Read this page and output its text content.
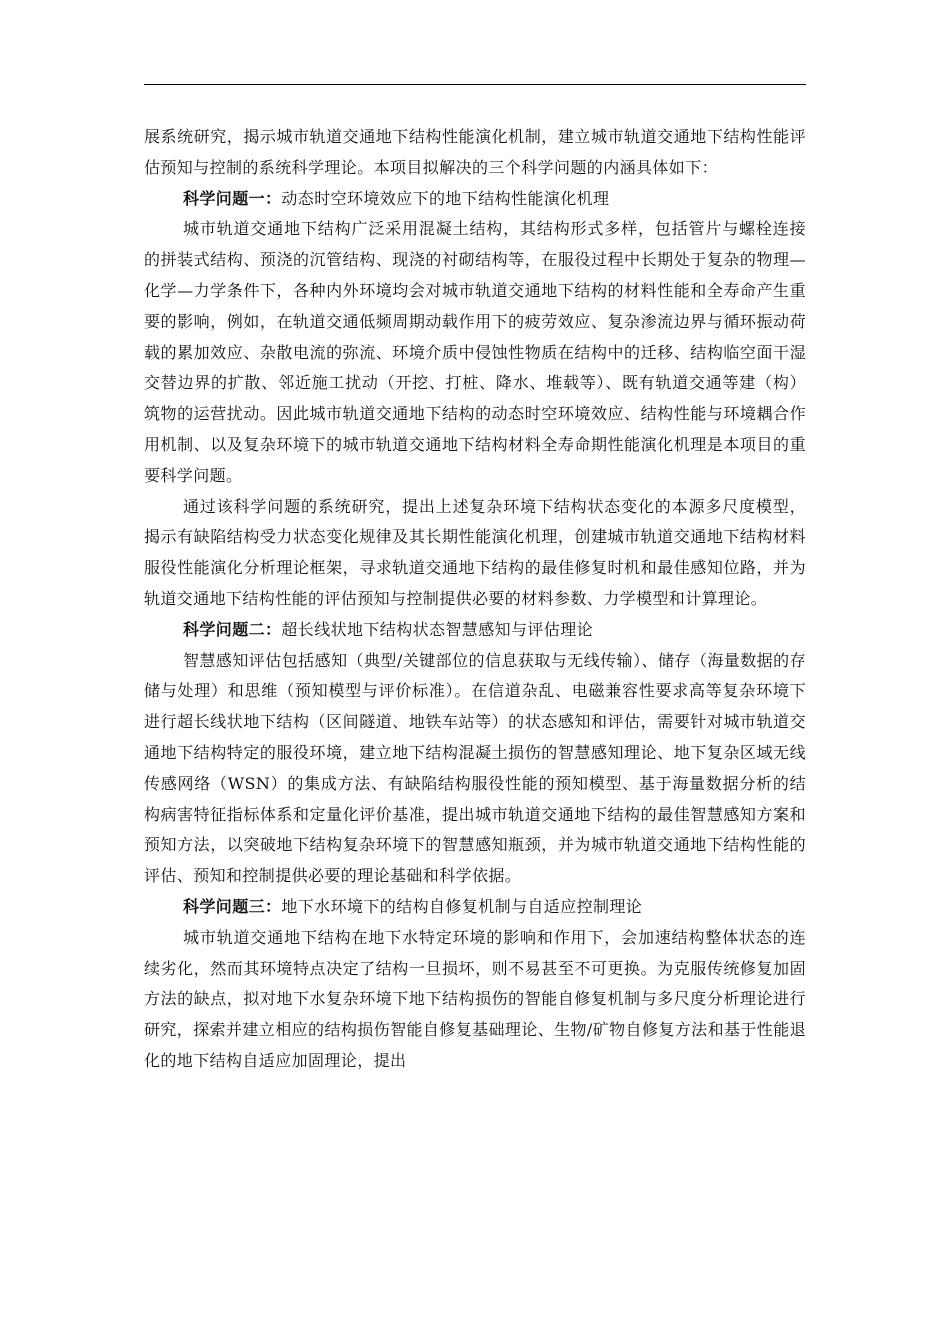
展系统研究，揭示城市轨道交通地下结构性能演化机制，建立城市轨道交通地下结构性能评估预知与控制的系统科学理论。本项目拟解决的三个科学问题的内涵具体如下：

科学问题一：动态时空环境效应下的地下结构性能演化机理

城市轨道交通地下结构广泛采用混凝土结构，其结构形式多样，包括管片与螺栓连接的拼装式结构、预浇的沉管结构、现浇的衬砌结构等，在服役过程中长期处于复杂的物理—化学—力学条件下，各种内外环境均会对城市轨道交通地下结构的材料性能和全寿命产生重要的影响，例如，在轨道交通低频周期动载作用下的疲劳效应、复杂渗流边界与循环振动荷载的累加效应、杂散电流的弥流、环境介质中侵蚀性物质在结构中的迁移、结构临空面干湿交替边界的扩散、邻近施工扰动（开挖、打桩、降水、堆载等）、既有轨道交通等建（构）筑物的运营扰动。因此城市轨道交通地下结构的动态时空环境效应、结构性能与环境耦合作用机制、以及复杂环境下的城市轨道交通地下结构材料全寿命期性能演化机理是本项目的重要科学问题。

通过该科学问题的系统研究，提出上述复杂环境下结构状态变化的本源多尺度模型，揭示有缺陷结构受力状态变化规律及其长期性能演化机理，创建城市轨道交通地下结构材料服役性能演化分析理论框架，寻求轨道交通地下结构的最佳修复时机和最佳感知位路，并为轨道交通地下结构性能的评估预知与控制提供必要的材料参数、力学模型和计算理论。

科学问题二：超长线状地下结构状态智慧感知与评估理论

智慧感知评估包括感知（典型/关键部位的信息获取与无线传输）、储存（海量数据的存储与处理）和思维（预知模型与评价标准）。在信道杂乱、电磁兼容性要求高等复杂环境下进行超长线状地下结构（区间隧道、地铁车站等）的状态感知和评估，需要针对城市轨道交通地下结构特定的服役环境，建立地下结构混凝土损伤的智慧感知理论、地下复杂区域无线传感网络（WSN）的集成方法、有缺陷结构服役性能的预知模型、基于海量数据分析的结构病害特征指标体系和定量化评价基准，提出城市轨道交通地下结构的最佳智慧感知方案和预知方法，以突破地下结构复杂环境下的智慧感知瓶颈，并为城市轨道交通地下结构性能的评估、预知和控制提供必要的理论基础和科学依据。

科学问题三：地下水环境下的结构自修复机制与自适应控制理论

城市轨道交通地下结构在地下水特定环境的影响和作用下，会加速结构整体状态的连续劣化，然而其环境特点决定了结构一旦损坏，则不易甚至不可更换。为克服传统修复加固方法的缺点，拟对地下水复杂环境下地下结构损伤的智能自修复机制与多尺度分析理论进行研究，探索并建立相应的结构损伤智能自修复基础理论、生物/矿物自修复方法和基于性能退化的地下结构自适应加固理论，提出
